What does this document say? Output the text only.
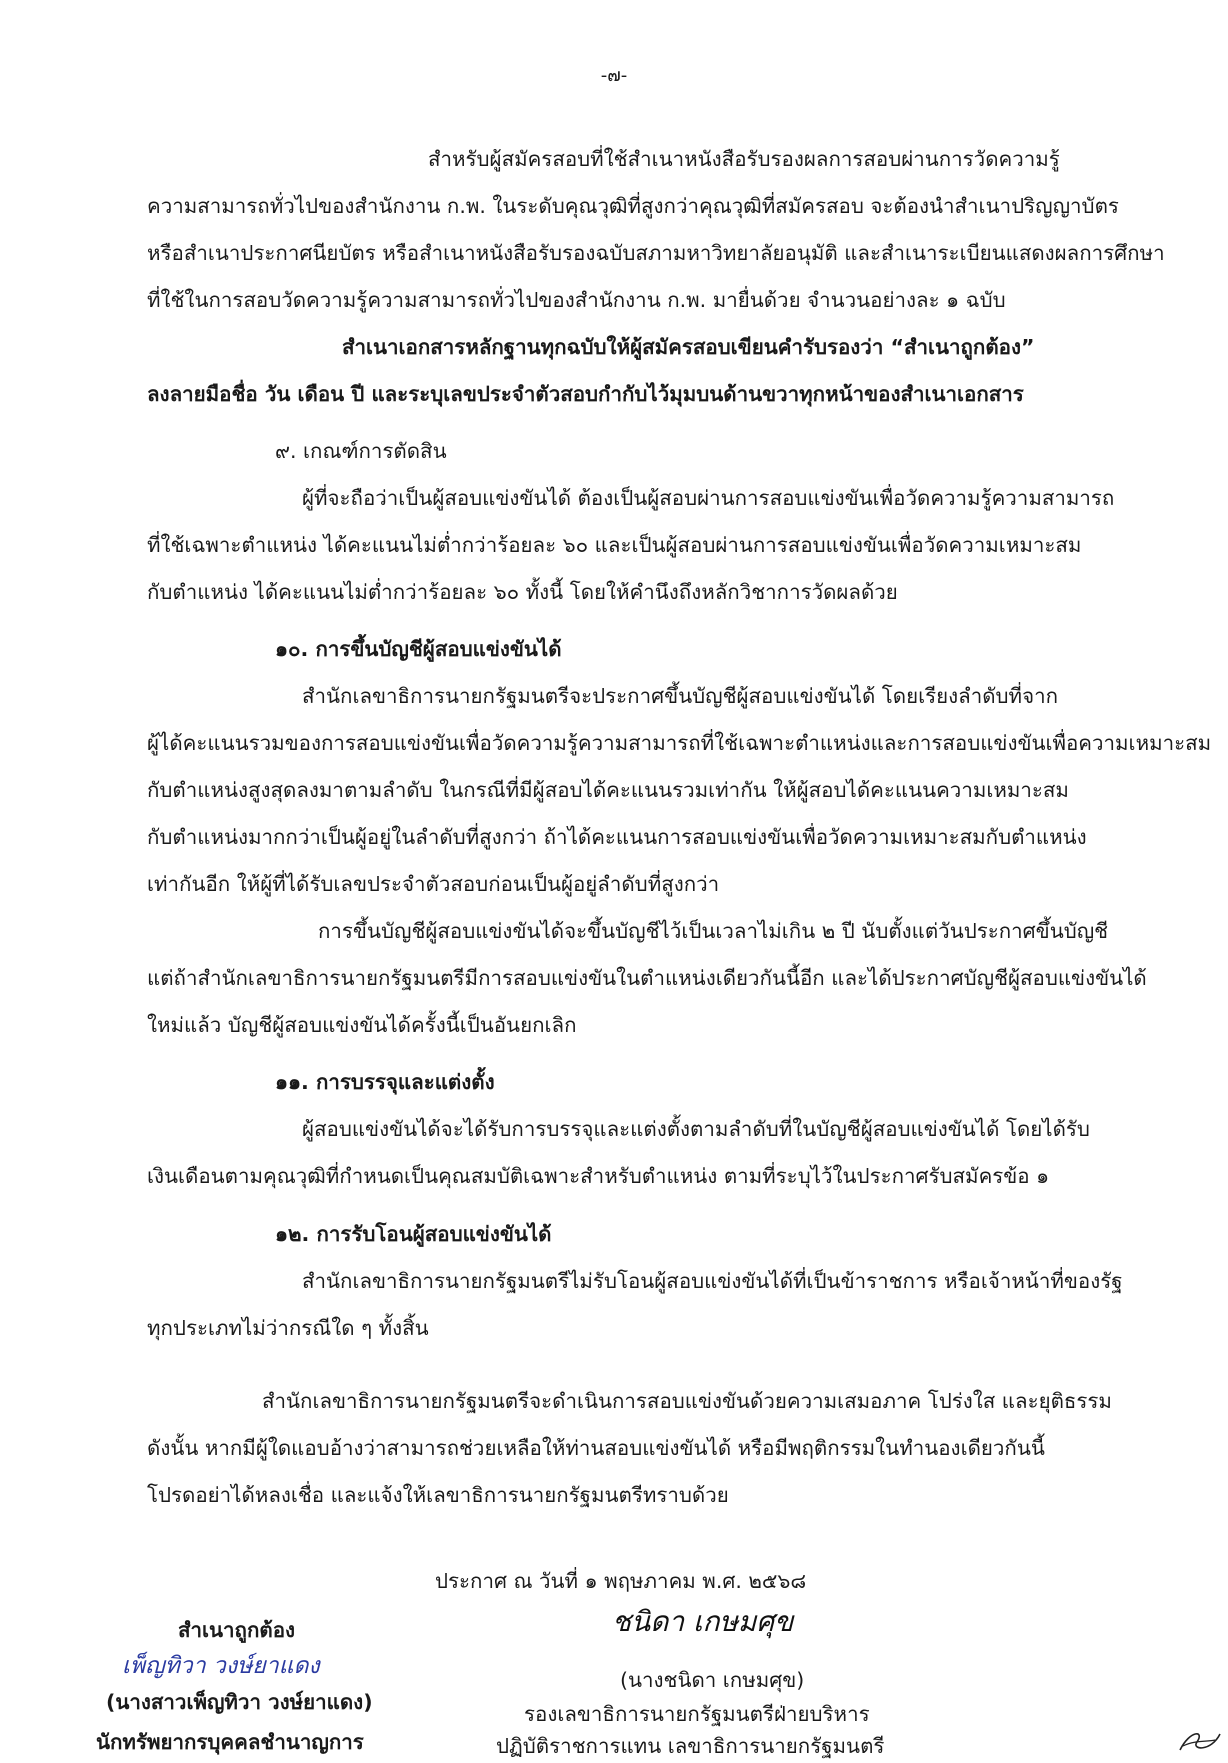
-๗-
สำหรับผู้สมัครสอบที่ใช้สำเนาหนังสือรับรองผลการสอบผ่านการวัดความรู้
ความสามารถทั่วไปของสำนักงาน ก.พ. ในระดับคุณวุฒิที่สูงกว่าคุณวุฒิที่สมัครสอบ จะต้องนำสำเนาปริญญาบัตร
หรือสำเนาประกาศนียบัตร หรือสำเนาหนังสือรับรองฉบับสภามหาวิทยาลัยอนุมัติ และสำเนาระเบียนแสดงผลการศึกษา
ที่ใช้ในการสอบวัดความรู้ความสามารถทั่วไปของสำนักงาน ก.พ. มายื่นด้วย จำนวนอย่างละ ๑ ฉบับ
สำเนาเอกสารหลักฐานทุกฉบับให้ผู้สมัครสอบเขียนคำรับรองว่า “สำเนาถูกต้อง”
ลงลายมือชื่อ วัน เดือน ปี และระบุเลขประจำตัวสอบกำกับไว้มุมบนด้านขวาทุกหน้าของสำเนาเอกสาร
๙. เกณฑ์การตัดสิน
ผู้ที่จะถือว่าเป็นผู้สอบแข่งขันได้ ต้องเป็นผู้สอบผ่านการสอบแข่งขันเพื่อวัดความรู้ความสามารถ
ที่ใช้เฉพาะตำแหน่ง ได้คะแนนไม่ต่ำกว่าร้อยละ ๖๐ และเป็นผู้สอบผ่านการสอบแข่งขันเพื่อวัดความเหมาะสม
กับตำแหน่ง ได้คะแนนไม่ต่ำกว่าร้อยละ ๖๐ ทั้งนี้ โดยให้คำนึงถึงหลักวิชาการวัดผลด้วย
๑๐. การขึ้นบัญชีผู้สอบแข่งขันได้
สำนักเลขาธิการนายกรัฐมนตรีจะประกาศขึ้นบัญชีผู้สอบแข่งขันได้ โดยเรียงลำดับที่จาก
ผู้ได้คะแนนรวมของการสอบแข่งขันเพื่อวัดความรู้ความสามารถที่ใช้เฉพาะตำแหน่งและการสอบแข่งขันเพื่อความเหมาะสม
กับตำแหน่งสูงสุดลงมาตามลำดับ ในกรณีที่มีผู้สอบได้คะแนนรวมเท่ากัน ให้ผู้สอบได้คะแนนความเหมาะสม
กับตำแหน่งมากกว่าเป็นผู้อยู่ในลำดับที่สูงกว่า ถ้าได้คะแนนการสอบแข่งขันเพื่อวัดความเหมาะสมกับตำแหน่ง
เท่ากันอีก ให้ผู้ที่ได้รับเลขประจำตัวสอบก่อนเป็นผู้อยู่ลำดับที่สูงกว่า
การขึ้นบัญชีผู้สอบแข่งขันได้จะขึ้นบัญชีไว้เป็นเวลาไม่เกิน ๒ ปี นับตั้งแต่วันประกาศขึ้นบัญชี
แต่ถ้าสำนักเลขาธิการนายกรัฐมนตรีมีการสอบแข่งขันในตำแหน่งเดียวกันนี้อีก และได้ประกาศบัญชีผู้สอบแข่งขันได้
ใหม่แล้ว บัญชีผู้สอบแข่งขันได้ครั้งนี้เป็นอันยกเลิก
๑๑. การบรรจุและแต่งตั้ง
ผู้สอบแข่งขันได้จะได้รับการบรรจุและแต่งตั้งตามลำดับที่ในบัญชีผู้สอบแข่งขันได้ โดยได้รับ
เงินเดือนตามคุณวุฒิที่กำหนดเป็นคุณสมบัติเฉพาะสำหรับตำแหน่ง ตามที่ระบุไว้ในประกาศรับสมัครข้อ ๑
๑๒. การรับโอนผู้สอบแข่งขันได้
สำนักเลขาธิการนายกรัฐมนตรีไม่รับโอนผู้สอบแข่งขันได้ที่เป็นข้าราชการ หรือเจ้าหน้าที่ของรัฐ
ทุกประเภทไม่ว่ากรณีใด ๆ ทั้งสิ้น
สำนักเลขาธิการนายกรัฐมนตรีจะดำเนินการสอบแข่งขันด้วยความเสมอภาค โปร่งใส และยุติธรรม
ดังนั้น หากมีผู้ใดแอบอ้างว่าสามารถช่วยเหลือให้ท่านสอบแข่งขันได้ หรือมีพฤติกรรมในทำนองเดียวกันนี้
โปรดอย่าได้หลงเชื่อ และแจ้งให้เลขาธิการนายกรัฐมนตรีทราบด้วย
ประกาศ ณ วันที่ ๑ พฤษภาคม พ.ศ. ๒๕๖๘
สำเนาถูกต้อง
เพ็ญทิวา วงษ์ยาแดง
(นางสาวเพ็ญทิวา วงษ์ยาแดง)
นักทรัพยากรบุคคลชำนาญการ
ชนิดา เกษมศุข
(นางชนิดา เกษมศุข)
รองเลขาธิการนายกรัฐมนตรีฝ่ายบริหาร
ปฏิบัติราชการแทน เลขาธิการนายกรัฐมนตรี
